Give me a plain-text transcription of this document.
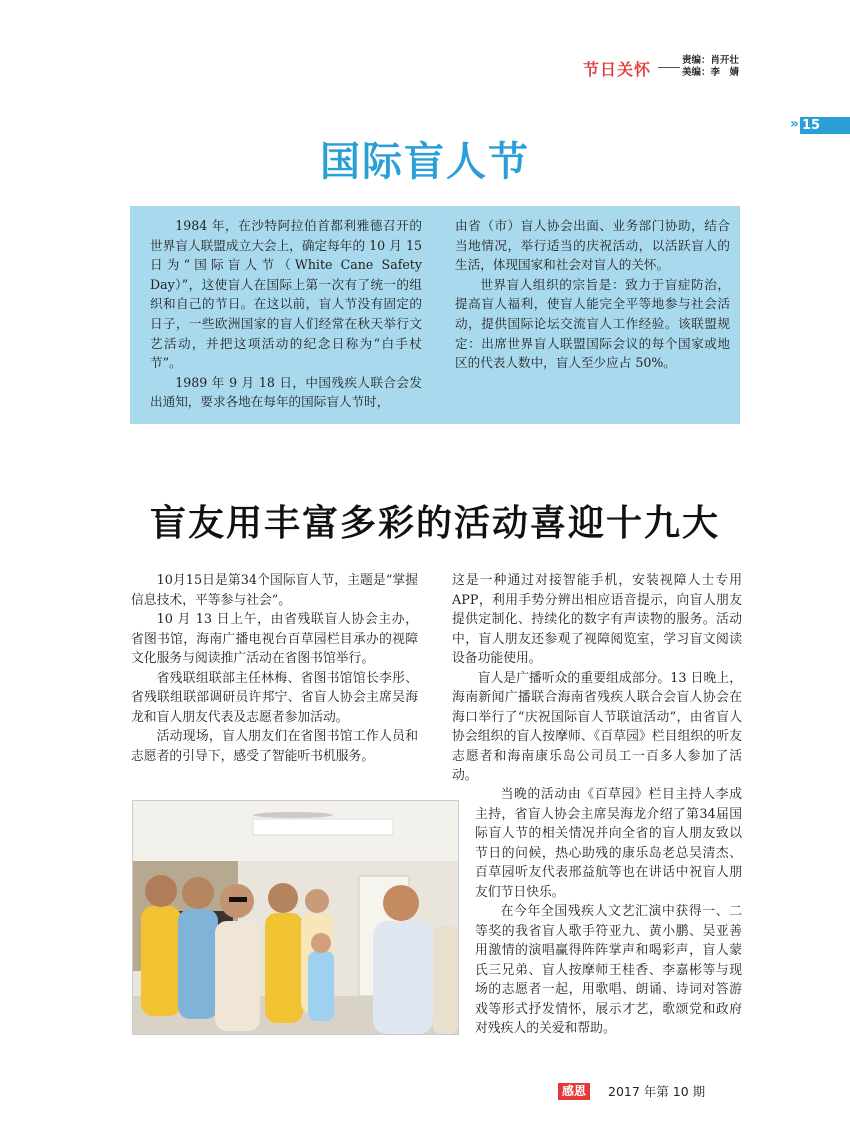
节日关怀	责编：肖开壮
美编：李　婧
» 15
国际盲人节

1984 年，在沙特阿拉伯首都利雅德召开的世界盲人联盟成立大会上，确定每年的 10 月 15 日为“国际盲人节（White Cane Safety Day）”，这使盲人在国际上第一次有了统一的组织和自己的节日。在这以前，盲人节没有固定的日子，一些欧洲国家的盲人们经常在秋天举行文艺活动，并把这项活动的纪念日称为“白手杖节”。

1989 年 9 月 18 日，中国残疾人联合会发出通知，要求各地在每年的国际盲人节时，

由省（市）盲人协会出面、业务部门协助，结合当地情况，举行适当的庆祝活动，以活跃盲人的生活，体现国家和社会对盲人的关怀。

世界盲人组织的宗旨是：致力于盲症防治，提高盲人福利，使盲人能完全平等地参与社会活动，提供国际论坛交流盲人工作经验。该联盟规定：出席世界盲人联盟国际会议的每个国家或地区的代表人数中，盲人至少应占 50%。

盲友用丰富多彩的活动喜迎十九大

10月15日是第34个国际盲人节，主题是“掌握信息技术，平等参与社会”。

10 月 13 日上午，由省残联盲人协会主办，省图书馆，海南广播电视台百草园栏目承办的视障文化服务与阅读推广活动在省图书馆举行。

省残联组联部主任林梅、省图书馆馆长李彤、省残联组联部调研员许邦宁、省盲人协会主席吴海龙和盲人朋友代表及志愿者参加活动。

活动现场，盲人朋友们在省图书馆工作人员和志愿者的引导下，感受了智能听书机服务。

这是一种通过对接智能手机，安装视障人士专用 APP，利用手势分辨出相应语音提示，向盲人朋友提供定制化、持续化的数字有声读物的服务。活动中，盲人朋友还参观了视障阅览室，学习盲文阅读设备功能使用。

盲人是广播听众的重要组成部分。13 日晚上，海南新闻广播联合海南省残疾人联合会盲人协会在海口举行了“庆祝国际盲人节联谊活动”，由省盲人协会组织的盲人按摩师、《百草园》栏目组织的听友志愿者和海南康乐岛公司员工一百多人参加了活动。

当晚的活动由《百草园》栏目主持人李成主持，省盲人协会主席吴海龙介绍了第34届国际盲人节的相关情况并向全省的盲人朋友致以节日的问候，热心助残的康乐岛老总吴清杰、百草园听友代表邢益航等也在讲话中祝盲人朋友们节日快乐。

在今年全国残疾人文艺汇演中获得一、二等奖的我省盲人歌手符亚九、黄小鹏、吴亚善用激情的演唱赢得阵阵掌声和喝彩声，盲人蒙氏三兄弟、盲人按摩师王桂香、李嘉彬等与现场的志愿者一起，用歌唱、朗诵、诗词对答游戏等形式抒发情怀，展示才艺，歌颂党和政府对残疾人的关爱和帮助。

感恩	2017 年第 10 期
